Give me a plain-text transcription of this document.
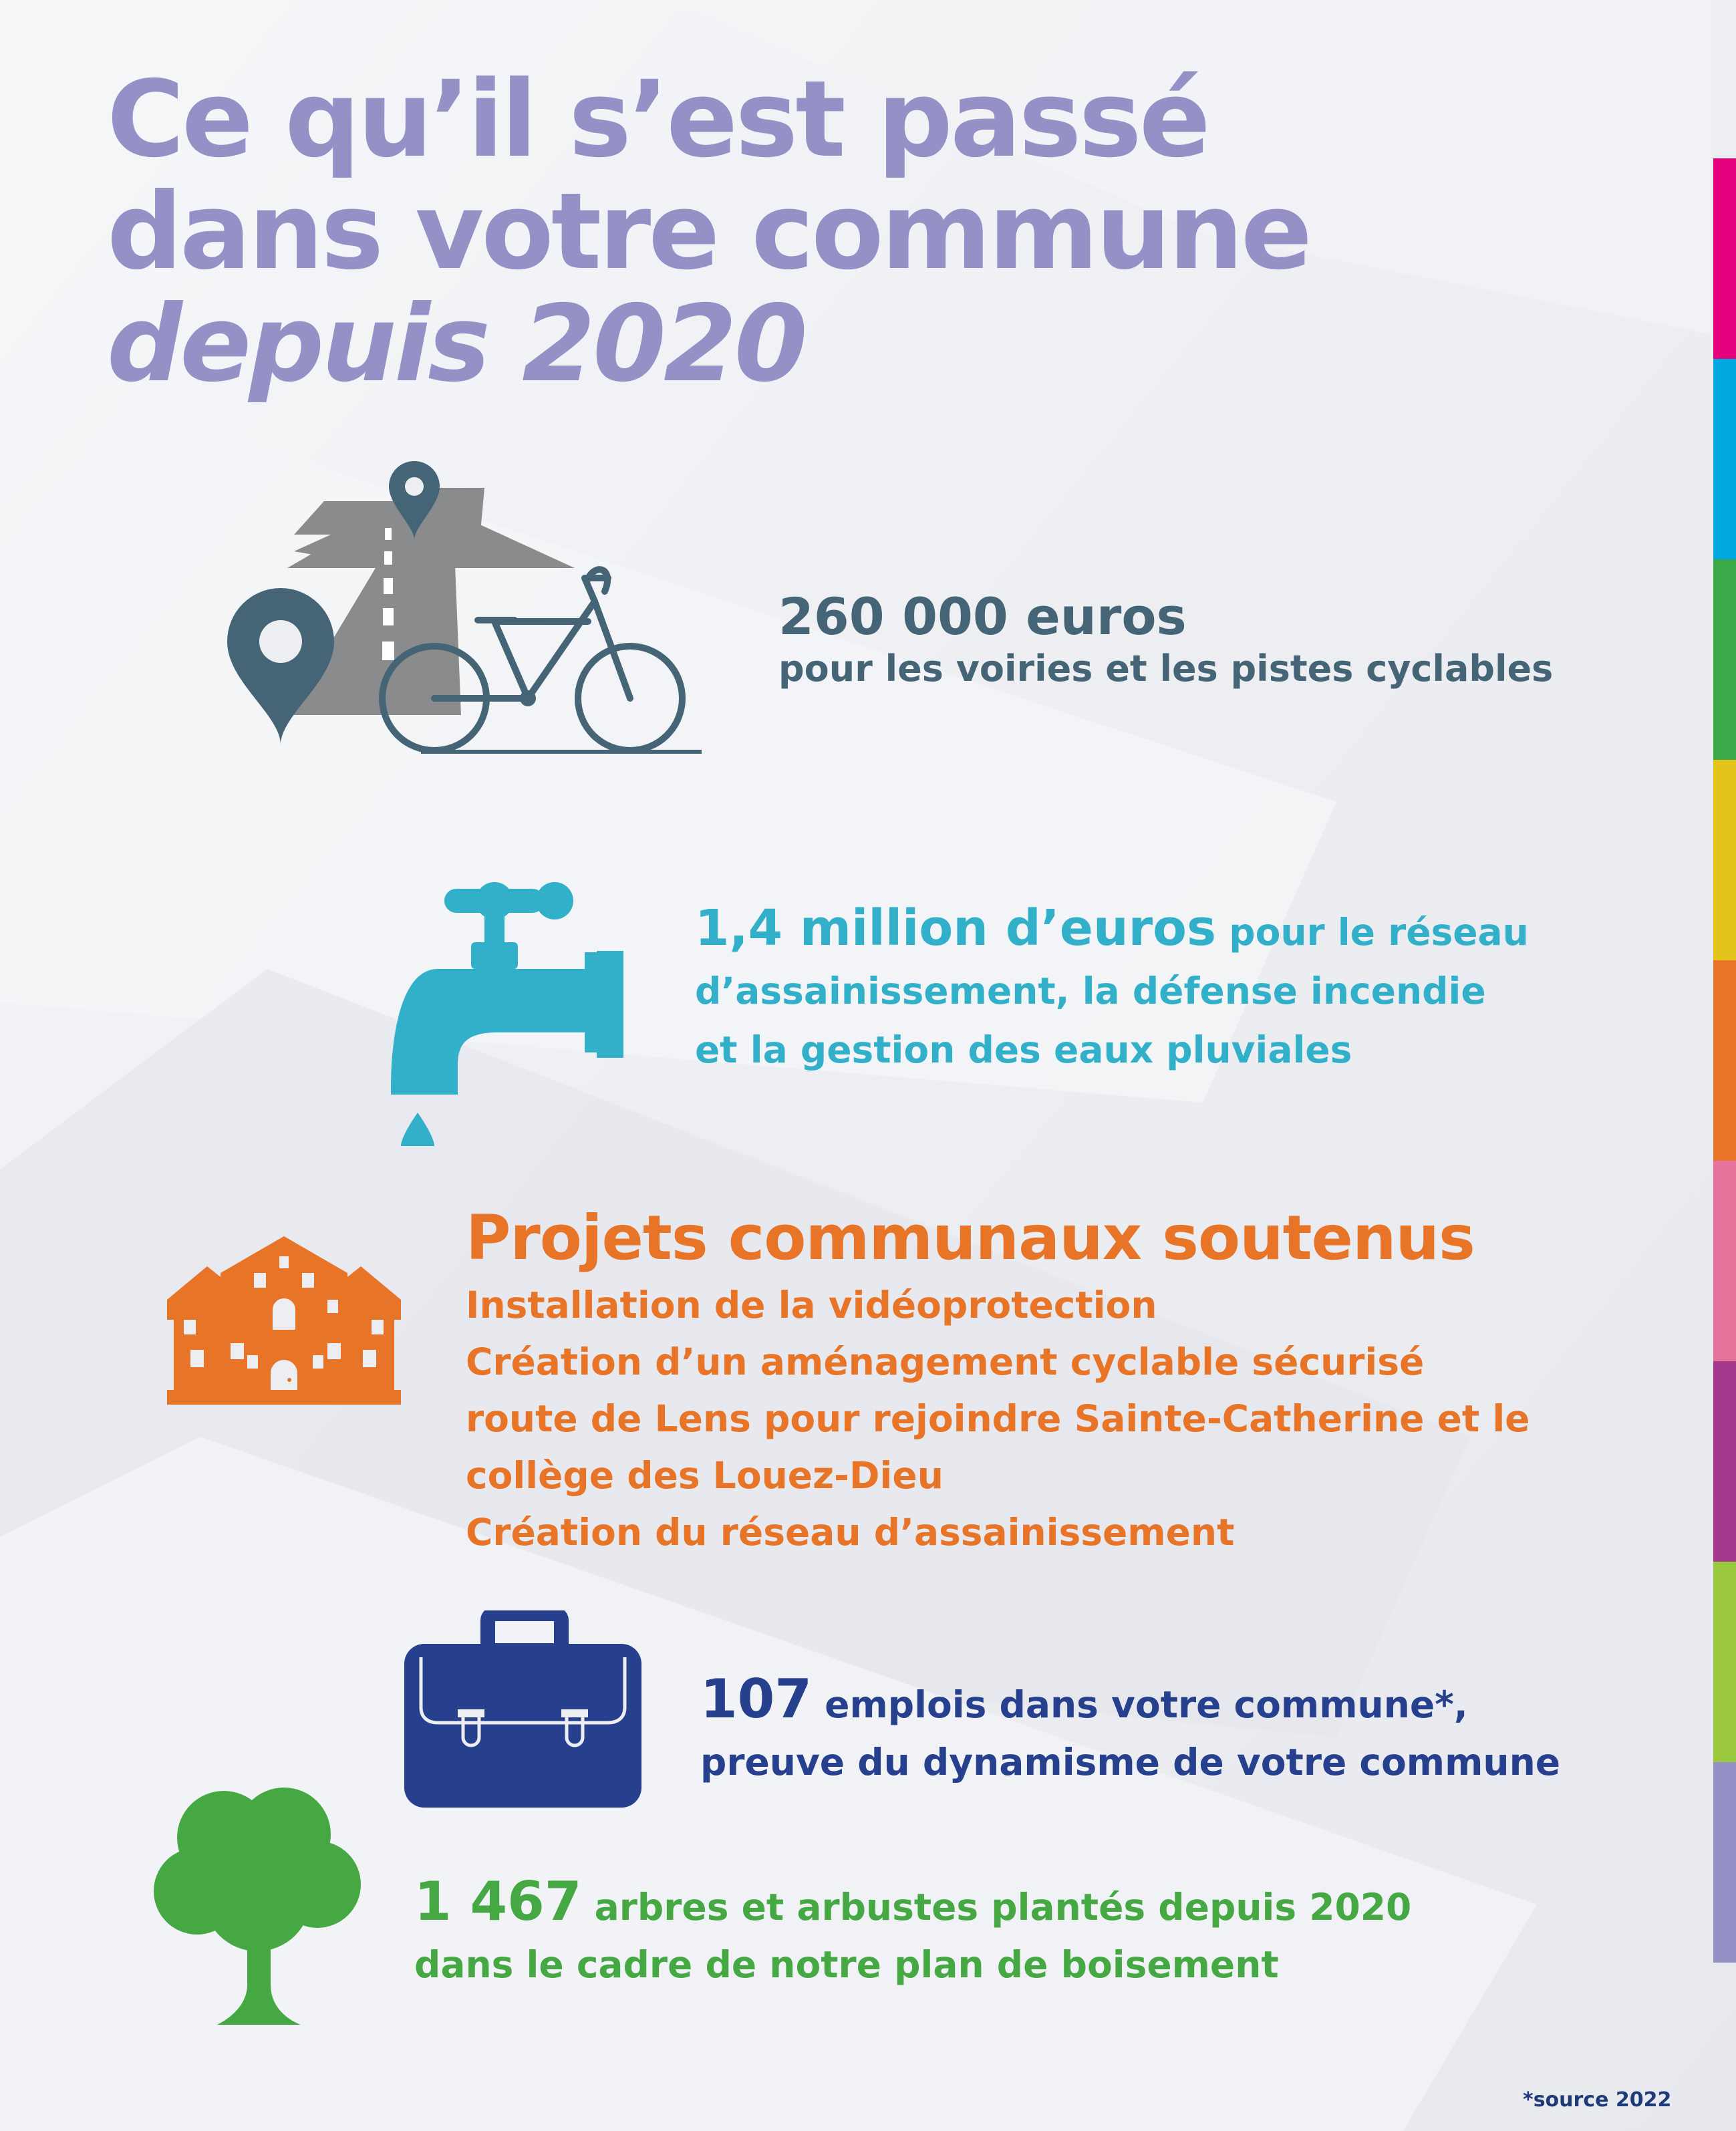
Ce qu’il s’est passé
dans votre commune
depuis 2020
260 000 euros
pour les voiries et les pistes cyclables
1,4 million d’euros pour le réseau
d’assainissement, la défense incendie
et la gestion des eaux pluviales
Projets communaux soutenus
Installation de la vidéoprotection
Création d’un aménagement cyclable sécurisé
route de Lens pour rejoindre Sainte-Catherine et le
collège des Louez-Dieu
Création du réseau d’assainissement
107 emplois dans votre commune*,
preuve du dynamisme de votre commune
1 467 arbres et arbustes plantés depuis 2020
dans le cadre de notre plan de boisement
*source 2022
